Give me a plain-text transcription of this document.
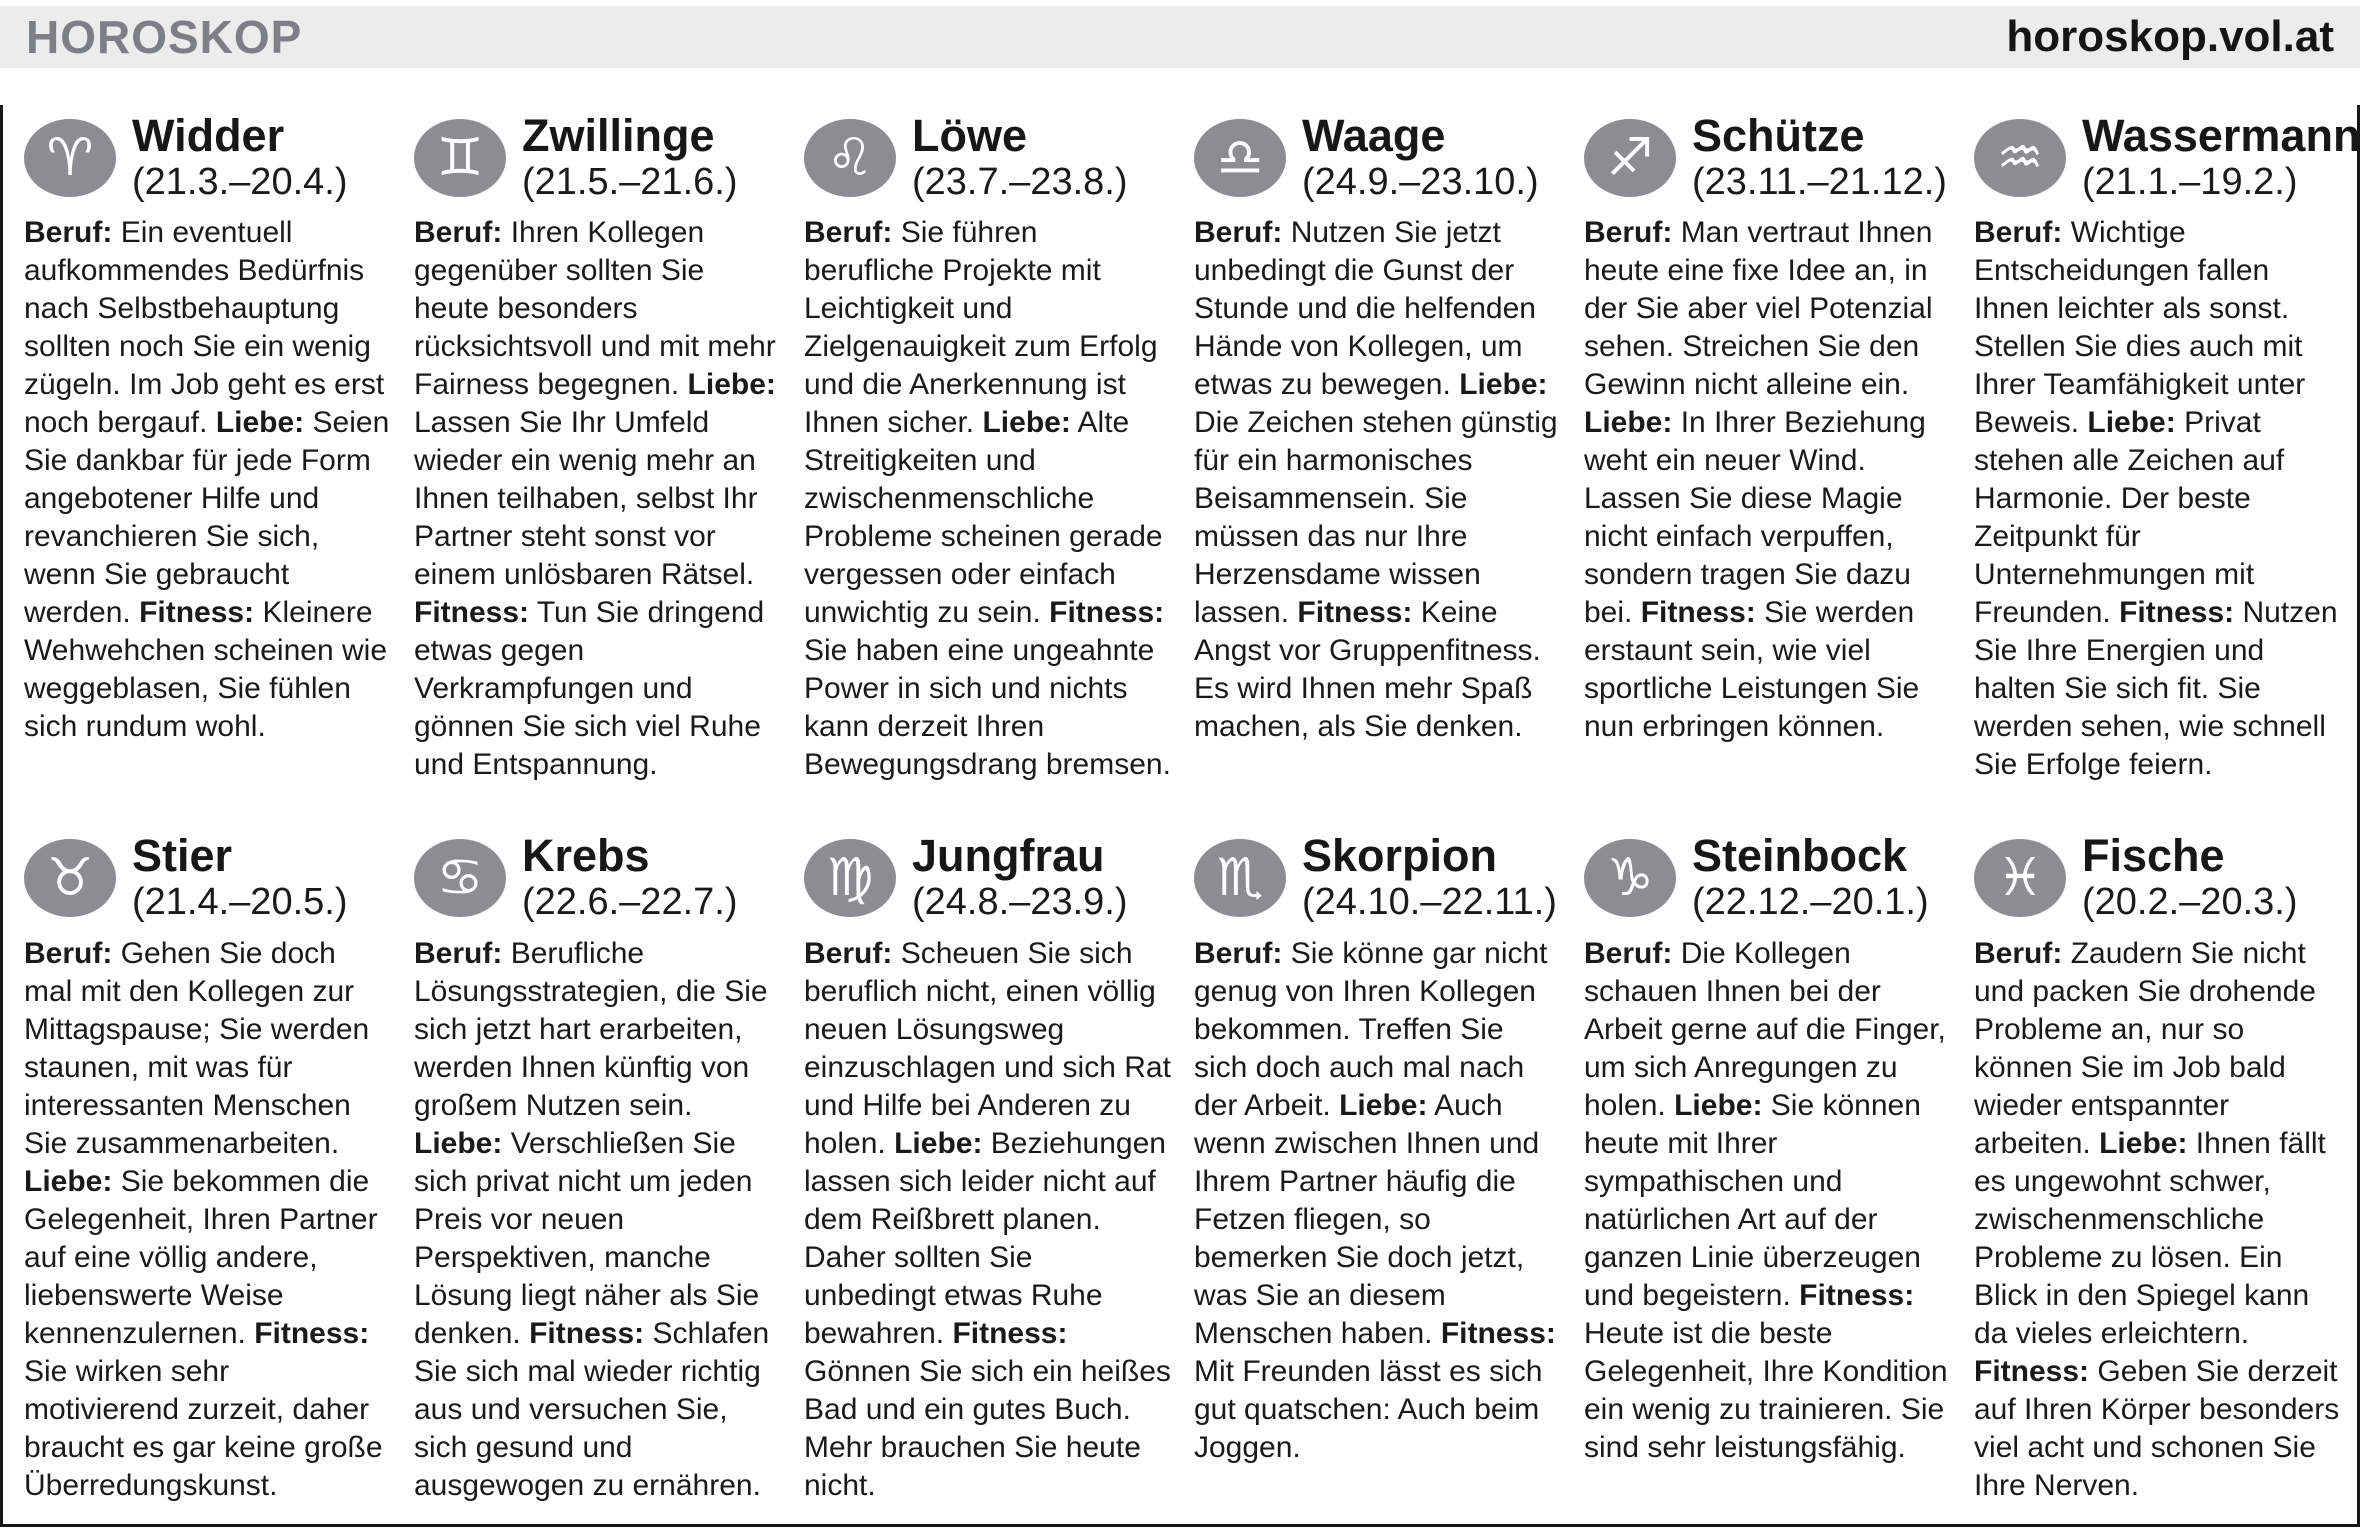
HOROSKOP	horoskop.vol.at
♈ Widder
(21.3.–20.4.)

Beruf: Ein eventuell aufkommendes Bedürfnis nach Selbstbehauptung sollten noch Sie ein wenig zügeln. Im Job geht es erst noch bergauf. Liebe: Seien Sie dankbar für jede Form angebotener Hilfe und revanchieren Sie sich, wenn Sie gebraucht werden. Fitness: Kleinere Wehwehchen scheinen wie weggeblasen, Sie fühlen sich rundum wohl.

♊ Zwillinge
(21.5.–21.6.)

Beruf: Ihren Kollegen gegenüber sollten Sie heute besonders rücksichtsvoll und mit mehr Fairness begegnen. Liebe: Lassen Sie Ihr Umfeld wieder ein wenig mehr an Ihnen teilhaben, selbst Ihr Partner steht sonst vor einem unlösbaren Rätsel. Fitness: Tun Sie dringend etwas gegen Verkrampfungen und gönnen Sie sich viel Ruhe und Entspannung.

♌ Löwe
(23.7.–23.8.)

Beruf: Sie führen berufliche Projekte mit Leichtigkeit und Zielgenauigkeit zum Erfolg und die Anerkennung ist Ihnen sicher. Liebe: Alte Streitigkeiten und zwischenmenschliche Probleme scheinen gerade vergessen oder einfach unwichtig zu sein. Fitness: Sie haben eine ungeahnte Power in sich und nichts kann derzeit Ihren Bewegungsdrang bremsen.

♎ Waage
(24.9.–23.10.)

Beruf: Nutzen Sie jetzt unbedingt die Gunst der Stunde und die helfenden Hände von Kollegen, um etwas zu bewegen. Liebe: Die Zeichen stehen günstig für ein harmonisches Beisammensein. Sie müssen das nur Ihre Herzensdame wissen lassen. Fitness: Keine Angst vor Gruppenfitness. Es wird Ihnen mehr Spaß machen, als Sie denken.

♐ Schütze
(23.11.–21.12.)

Beruf: Man vertraut Ihnen heute eine fixe Idee an, in der Sie aber viel Potenzial sehen. Streichen Sie den Gewinn nicht alleine ein. Liebe: In Ihrer Beziehung weht ein neuer Wind. Lassen Sie diese Magie nicht einfach verpuffen, sondern tragen Sie dazu bei. Fitness: Sie werden erstaunt sein, wie viel sportliche Leistungen Sie nun erbringen können.

♒ Wassermann
(21.1.–19.2.)

Beruf: Wichtige Entscheidungen fallen Ihnen leichter als sonst. Stellen Sie dies auch mit Ihrer Teamfähigkeit unter Beweis. Liebe: Privat stehen alle Zeichen auf Harmonie. Der beste Zeitpunkt für Unternehmungen mit Freunden. Fitness: Nutzen Sie Ihre Energien und halten Sie sich fit. Sie werden sehen, wie schnell Sie Erfolge feiern.

♉ Stier
(21.4.–20.5.)

Beruf: Gehen Sie doch mal mit den Kollegen zur Mittagspause; Sie werden staunen, mit was für interessanten Menschen Sie zusammenarbeiten. Liebe: Sie bekommen die Gelegenheit, Ihren Partner auf eine völlig andere, liebenswerte Weise kennenzulernen. Fitness: Sie wirken sehr motivierend zurzeit, daher braucht es gar keine große Überredungskunst.

♋ Krebs
(22.6.–22.7.)

Beruf: Berufliche Lösungsstrategien, die Sie sich jetzt hart erarbeiten, werden Ihnen künftig von großem Nutzen sein. Liebe: Verschließen Sie sich privat nicht um jeden Preis vor neuen Perspektiven, manche Lösung liegt näher als Sie denken. Fitness: Schlafen Sie sich mal wieder richtig aus und versuchen Sie, sich gesund und ausgewogen zu ernähren.

♍ Jungfrau
(24.8.–23.9.)

Beruf: Scheuen Sie sich beruflich nicht, einen völlig neuen Lösungsweg einzuschlagen und sich Rat und Hilfe bei Anderen zu holen. Liebe: Beziehungen lassen sich leider nicht auf dem Reißbrett planen. Daher sollten Sie unbedingt etwas Ruhe bewahren. Fitness: Gönnen Sie sich ein heißes Bad und ein gutes Buch. Mehr brauchen Sie heute nicht.

♏ Skorpion
(24.10.–22.11.)

Beruf: Sie könne gar nicht genug von Ihren Kollegen bekommen. Treffen Sie sich doch auch mal nach der Arbeit. Liebe: Auch wenn zwischen Ihnen und Ihrem Partner häufig die Fetzen fliegen, so bemerken Sie doch jetzt, was Sie an diesem Menschen haben. Fitness: Mit Freunden lässt es sich gut quatschen: Auch beim Joggen.

♑ Steinbock
(22.12.–20.1.)

Beruf: Die Kollegen schauen Ihnen bei der Arbeit gerne auf die Finger, um sich Anregungen zu holen. Liebe: Sie können heute mit Ihrer sympathischen und natürlichen Art auf der ganzen Linie überzeugen und begeistern. Fitness: Heute ist die beste Gelegenheit, Ihre Kondition ein wenig zu trainieren. Sie sind sehr leistungsfähig.

♓ Fische
(20.2.–20.3.)

Beruf: Zaudern Sie nicht und packen Sie drohende Probleme an, nur so können Sie im Job bald wieder entspannter arbeiten. Liebe: Ihnen fällt es ungewohnt schwer, zwischenmenschliche Probleme zu lösen. Ein Blick in den Spiegel kann da vieles erleichtern. Fitness: Geben Sie derzeit auf Ihren Körper besonders viel acht und schonen Sie Ihre Nerven.
